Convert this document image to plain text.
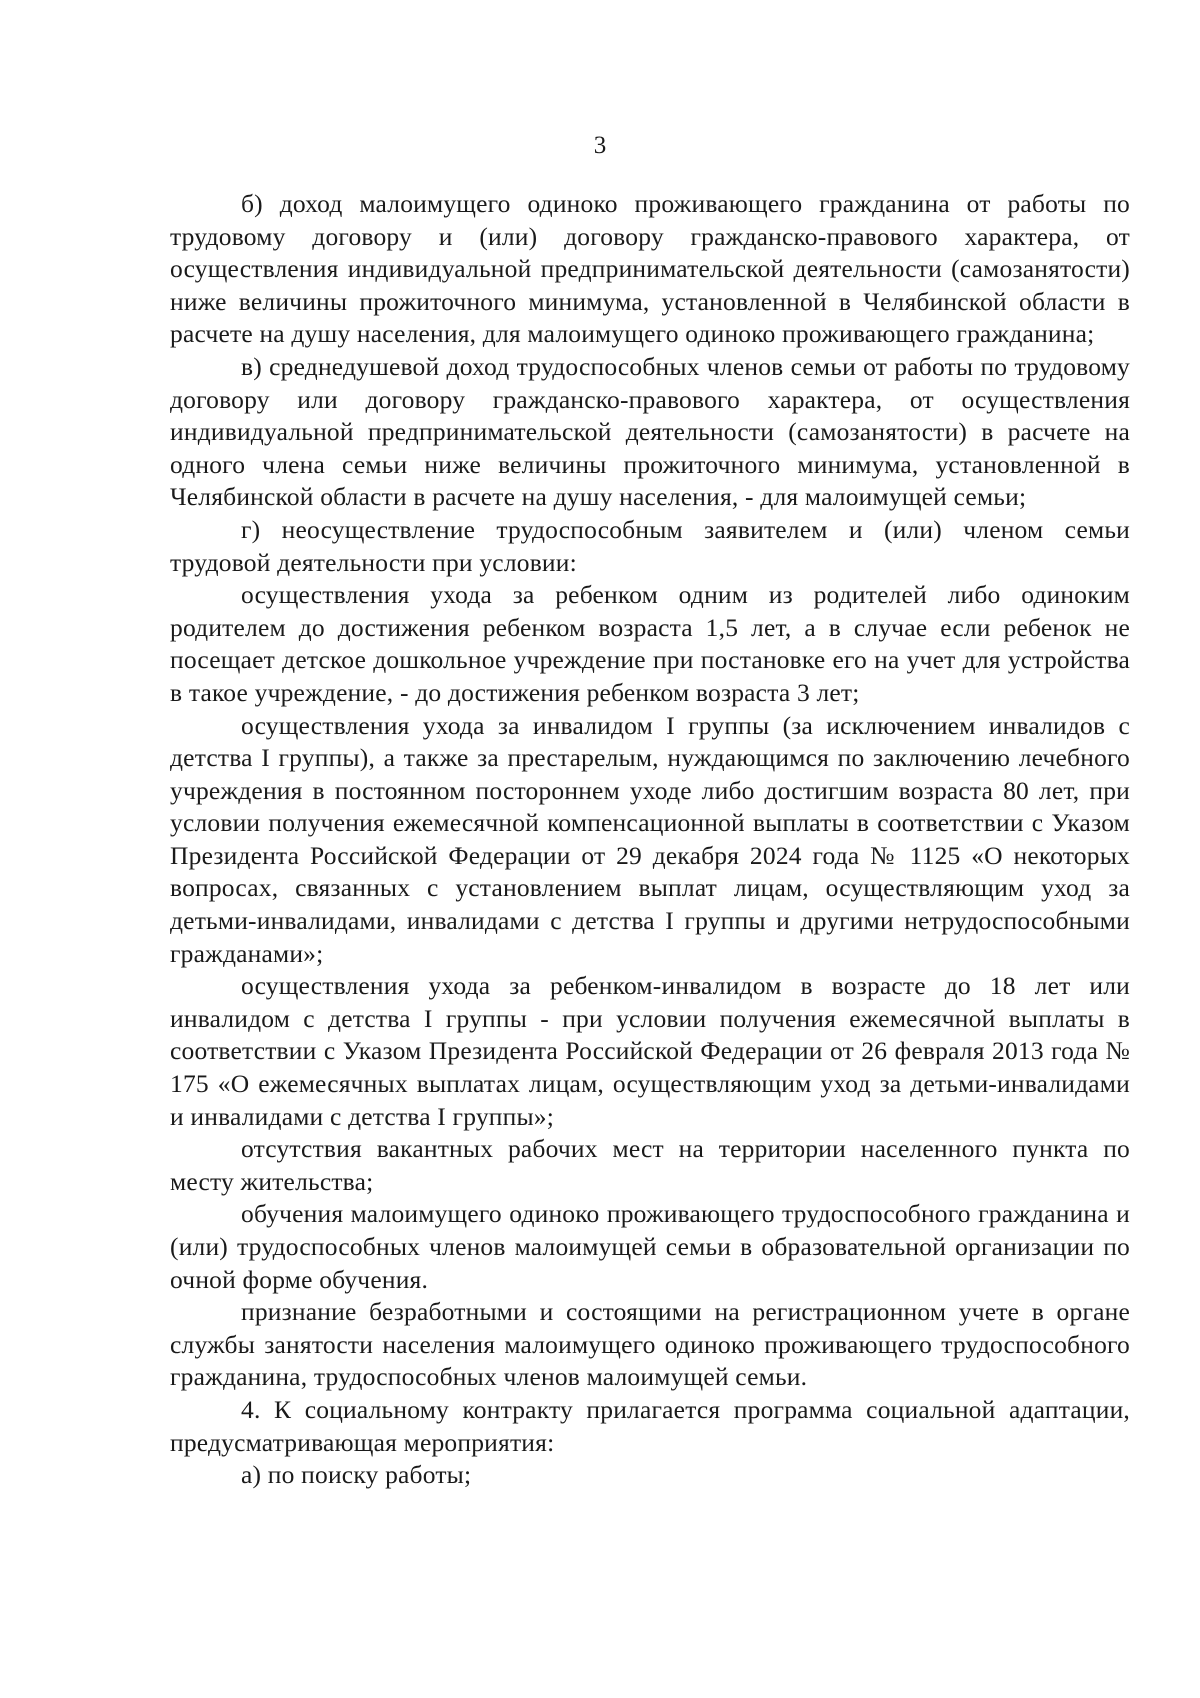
3

б) доход малоимущего одиноко проживающего гражданина от работы по трудовому договору и (или) договору гражданско-правового характера, от осуществления индивидуальной предпринимательской деятельности (самозанятости) ниже величины прожиточного минимума, установленной в Челябинской области в расчете на душу населения, для малоимущего одиноко проживающего гражданина;

в) среднедушевой доход трудоспособных членов семьи от работы по трудовому договору или договору гражданско-правового характера, от осуществления индивидуальной предпринимательской деятельности (самозанятости) в расчете на одного члена семьи ниже величины прожиточного минимума, установленной в Челябинской области в расчете на душу населения, - для малоимущей семьи;

г) неосуществление трудоспособным заявителем и (или) членом семьи трудовой деятельности при условии:

осуществления ухода за ребенком одним из родителей либо одиноким родителем до достижения ребенком возраста 1,5 лет, а в случае если ребенок не посещает детское дошкольное учреждение при постановке его на учет для устройства в такое учреждение, - до достижения ребенком возраста 3 лет;

осуществления ухода за инвалидом I группы (за исключением инвалидов с детства I группы), а также за престарелым, нуждающимся по заключению лечебного учреждения в постоянном постороннем уходе либо достигшим возраста 80 лет, при условии получения ежемесячной компенсационной выплаты в соответствии с Указом Президента Российской Федерации от 29 декабря 2024 года № 1125 «О некоторых вопросах, связанных с установлением выплат лицам, осуществляющим уход за детьми-инвалидами, инвалидами с детства I группы и другими нетрудоспособными гражданами»;

осуществления ухода за ребенком-инвалидом в возрасте до 18 лет или инвалидом с детства I группы - при условии получения ежемесячной выплаты в соответствии с Указом Президента Российской Федерации от 26 февраля 2013 года № 175 «О ежемесячных выплатах лицам, осуществляющим уход за детьми-инвалидами и инвалидами с детства I группы»;

отсутствия вакантных рабочих мест на территории населенного пункта по месту жительства;

обучения малоимущего одиноко проживающего трудоспособного гражданина и (или) трудоспособных членов малоимущей семьи в образовательной организации по очной форме обучения.

признание безработными и состоящими на регистрационном учете в органе службы занятости населения малоимущего одиноко проживающего трудоспособного гражданина, трудоспособных членов малоимущей семьи.

4. К социальному контракту прилагается программа социальной адаптации, предусматривающая мероприятия:

а) по поиску работы;
